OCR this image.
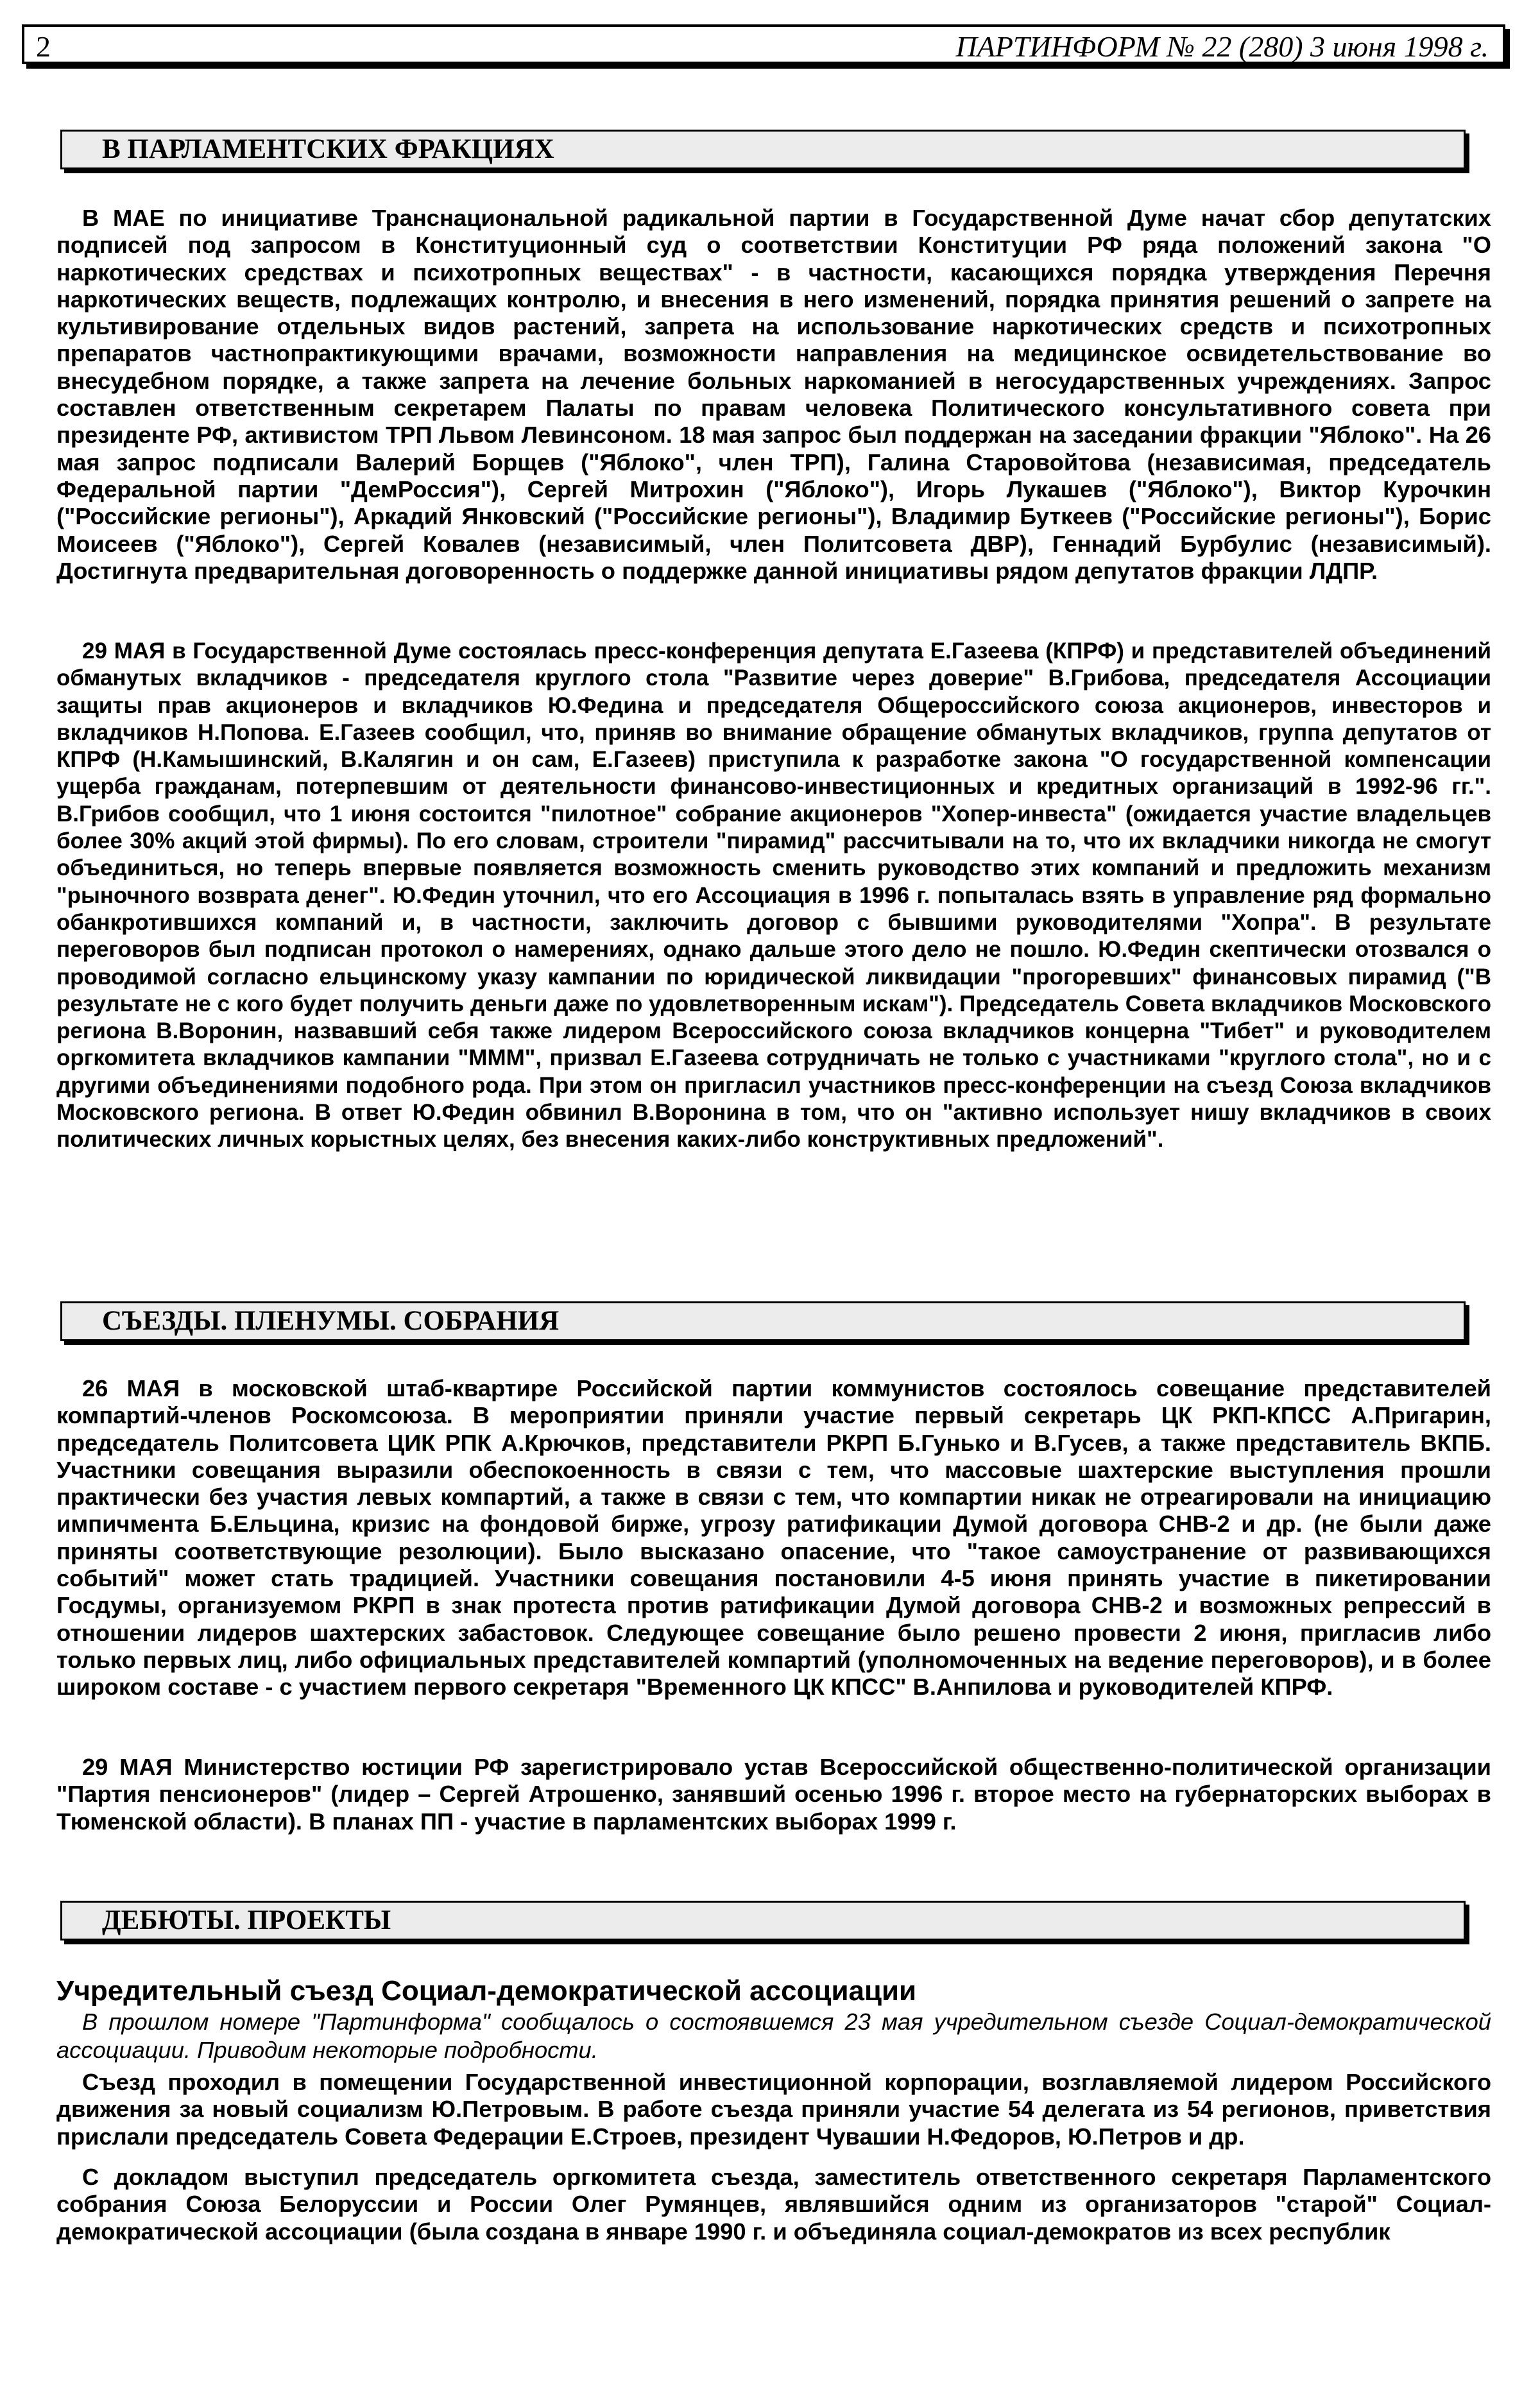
2	ПАРТИНФОРМ № 22 (280) 3 июня 1998 г.
В ПАРЛАМЕНТСКИХ ФРАКЦИЯХ
В МАЕ по инициативе Транснациональной радикальной партии в Государственной Думе начат сбор депутатских подписей под запросом в Конституционный суд о соответствии Конституции РФ ряда положений закона "О наркотических средствах и психотропных веществах" - в частности, касающихся порядка утверждения Перечня наркотических веществ, подлежащих контролю, и внесения в него изменений, порядка принятия решений о запрете на культивирование отдельных видов растений, запрета на использование наркотических средств и психотропных препаратов частнопрактикующими врачами, возможности направления на медицинское освидетельствование во внесудебном порядке, а также запрета на лечение больных наркоманией в негосударственных учреждениях. Запрос составлен ответственным секретарем Палаты по правам человека Политического консультативного совета при президенте РФ, активистом ТРП Львом Левинсоном. 18 мая запрос был поддержан на заседании фракции "Яблоко". На 26 мая запрос подписали Валерий Борщев ("Яблоко", член ТРП), Галина Старовойтова (независимая, председатель Федеральной партии "ДемРоссия"), Сергей Митрохин ("Яблоко"), Игорь Лукашев ("Яблоко"), Виктор Курочкин ("Российские регионы"), Аркадий Янковский ("Российские регионы"), Владимир Буткеев ("Российские регионы"), Борис Моисеев ("Яблоко"), Сергей Ковалев (независимый, член Политсовета ДВР), Геннадий Бурбулис (независимый). Достигнута предварительная договоренность о поддержке данной инициативы рядом депутатов фракции ЛДПР.
29 МАЯ в Государственной Думе состоялась пресс-конференция депутата Е.Газеева (КПРФ) и представителей объединений обманутых вкладчиков - председателя круглого стола "Развитие через доверие" В.Грибова, председателя Ассоциации защиты прав акционеров и вкладчиков Ю.Федина и председателя Общероссийского союза акционеров, инвесторов и вкладчиков Н.Попова. Е.Газеев сообщил, что, приняв во внимание обращение обманутых вкладчиков, группа депутатов от КПРФ (Н.Камышинский, В.Калягин и он сам, Е.Газеев) приступила к разработке закона "О государственной компенсации ущерба гражданам, потерпевшим от деятельности финансово-инвестиционных и кредитных организаций в 1992-96 гг.". В.Грибов сообщил, что 1 июня состоится "пилотное" собрание акционеров "Хопер-инвеста" (ожидается участие владельцев более 30% акций этой фирмы). По его словам, строители "пирамид" рассчитывали на то, что их вкладчики никогда не смогут объединиться, но теперь впервые появляется возможность сменить руководство этих компаний и предложить механизм "рыночного возврата денег". Ю.Федин уточнил, что его Ассоциация в 1996 г. попыталась взять в управление ряд формально обанкротившихся компаний и, в частности, заключить договор с бывшими руководителями "Хопра". В результате переговоров был подписан протокол о намерениях, однако дальше этого дело не пошло. Ю.Федин скептически отозвался о проводимой согласно ельцинскому указу кампании по юридической ликвидации "прогоревших" финансовых пирамид ("В результате не с кого будет получить деньги даже по удовлетворенным искам"). Председатель Совета вкладчиков Московского региона В.Воронин, назвавший себя также лидером Всероссийского союза вкладчиков концерна "Тибет" и руководителем оргкомитета вкладчиков кампании "МММ", призвал Е.Газеева сотрудничать не только с участниками "круглого стола", но и с другими объединениями подобного рода. При этом он пригласил участников пресс-конференции на съезд Союза вкладчиков Московского региона. В ответ Ю.Федин обвинил В.Воронина в том, что он "активно использует нишу вкладчиков в своих политических личных корыстных целях, без внесения каких-либо конструктивных предложений".
СЪЕЗДЫ. ПЛЕНУМЫ. СОБРАНИЯ
26 МАЯ в московской штаб-квартире Российской партии коммунистов состоялось совещание представителей компартий-членов Роскомсоюза. В мероприятии приняли участие первый секретарь ЦК РКП-КПСС А.Пригарин, председатель Политсовета ЦИК РПК А.Крючков, представители РКРП Б.Гунько и В.Гусев, а также представитель ВКПБ. Участники совещания выразили обеспокоенность в связи с тем, что массовые шахтерские выступления прошли практически без участия левых компартий, а также в связи с тем, что компартии никак не отреагировали на инициацию импичмента Б.Ельцина, кризис на фондовой бирже, угрозу ратификации Думой договора СНВ-2 и др. (не были даже приняты соответствующие резолюции). Было высказано опасение, что "такое самоустранение от развивающихся событий" может стать традицией. Участники совещания постановили 4-5 июня принять участие в пикетировании Госдумы, организуемом РКРП в знак протеста против ратификации Думой договора СНВ-2 и возможных репрессий в отношении лидеров шахтерских забастовок. Следующее совещание было решено провести 2 июня, пригласив либо только первых лиц, либо официальных представителей компартий (уполномоченных на ведение переговоров), и в более широком составе - с участием первого секретаря "Временного ЦК КПСС" В.Анпилова и руководителей КПРФ.
29 МАЯ Министерство юстиции РФ зарегистрировало устав Всероссийской общественно-политической организации "Партия пенсионеров" (лидер – Сергей Атрошенко, занявший осенью 1996 г. второе место на губернаторских выборах в Тюменской области). В планах ПП - участие в парламентских выборах 1999 г.
ДЕБЮТЫ. ПРОЕКТЫ
Учредительный съезд Социал-демократической ассоциации
В прошлом номере "Партинформа" сообщалось о состоявшемся 23 мая учредительном съезде Социал-демократической ассоциации. Приводим некоторые подробности.
Съезд проходил в помещении Государственной инвестиционной корпорации, возглавляемой лидером Российского движения за новый социализм Ю.Петровым. В работе съезда приняли участие 54 делегата из 54 регионов, приветствия прислали председатель Совета Федерации Е.Строев, президент Чувашии Н.Федоров, Ю.Петров и др.
С докладом выступил председатель оргкомитета съезда, заместитель ответственного секретаря Парламентского собрания Союза Белоруссии и России Олег Румянцев, являвшийся одним из организаторов "старой" Социал-демократической ассоциации (была создана в январе 1990 г. и объединяла социал-демократов из всех республик
